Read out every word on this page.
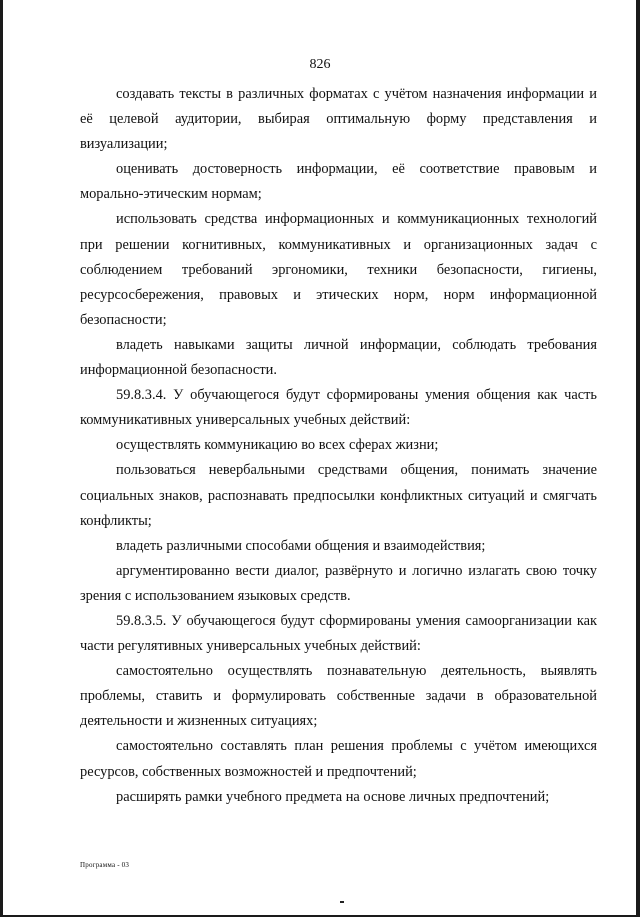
826

создавать тексты в различных форматах с учётом назначения информации и её целевой аудитории, выбирая оптимальную форму представления и визуализации;

оценивать достоверность информации, её соответствие правовым и морально-этическим нормам;

использовать средства информационных и коммуникационных технологий при решении когнитивных, коммуникативных и организационных задач с соблюдением требований эргономики, техники безопасности, гигиены, ресурсосбережения, правовых и этических норм, норм информационной безопасности;

владеть навыками защиты личной информации, соблюдать требования информационной безопасности.

59.8.3.4. У обучающегося будут сформированы умения общения как часть коммуникативных универсальных учебных действий:

осуществлять коммуникацию во всех сферах жизни;

пользоваться невербальными средствами общения, понимать значение социальных знаков, распознавать предпосылки конфликтных ситуаций и смягчать конфликты;

владеть различными способами общения и взаимодействия;

аргументированно вести диалог, развёрнуто и логично излагать свою точку зрения с использованием языковых средств.

59.8.3.5. У обучающегося будут сформированы умения самоорганизации как части регулятивных универсальных учебных действий:

самостоятельно осуществлять познавательную деятельность, выявлять проблемы, ставить и формулировать собственные задачи в образовательной деятельности и жизненных ситуациях;

самостоятельно составлять план решения проблемы с учётом имеющихся ресурсов, собственных возможностей и предпочтений;

расширять рамки учебного предмета на основе личных предпочтений;

Программа - 03
